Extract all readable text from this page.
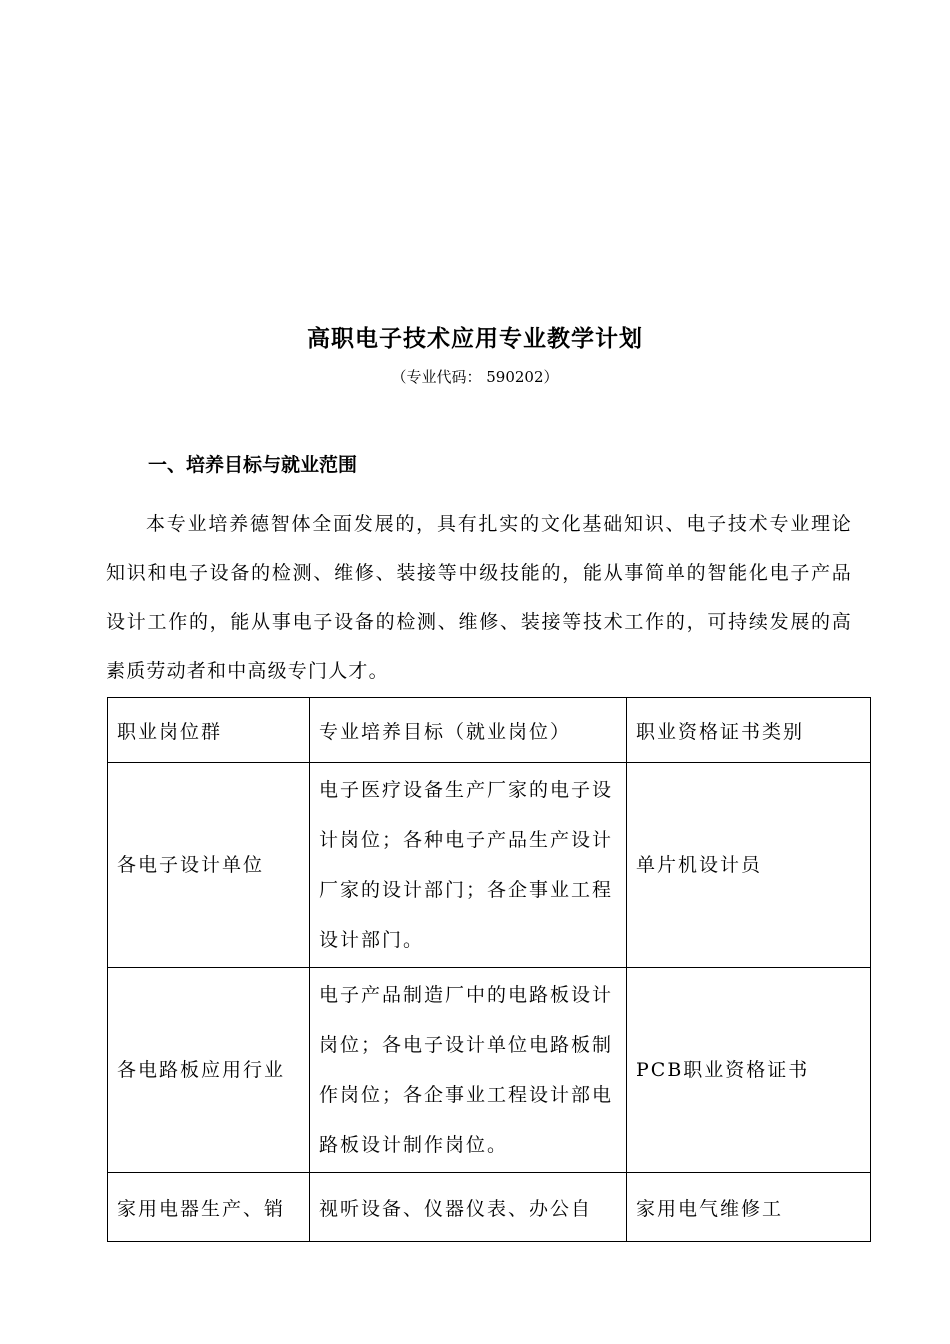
高职电子技术应用专业教学计划
（专业代码： 590202）
一、培养目标与就业范围

本专业培养德智体全面发展的，具有扎实的文化基础知识、电子技术专业理论知识和电子设备的检测、维修、装接等中级技能的，能从事简单的智能化电子产品设计工作的，能从事电子设备的检测、维修、装接等技术工作的，可持续发展的高素质劳动者和中高级专门人才。

职业岗位群	专业培养目标（就业岗位）	职业资格证书类别
各电子设计单位	电子医疗设备生产厂家的电子设计岗位；各种电子产品生产设计厂家的设计部门；各企事业工程设计部门。	单片机设计员
各电路板应用行业	电子产品制造厂中的电路板设计岗位；各电子设计单位电路板制作岗位；各企事业工程设计部电路板设计制作岗位。	PCB职业资格证书
家用电器生产、销	视听设备、仪器仪表、办公自	家用电气维修工
